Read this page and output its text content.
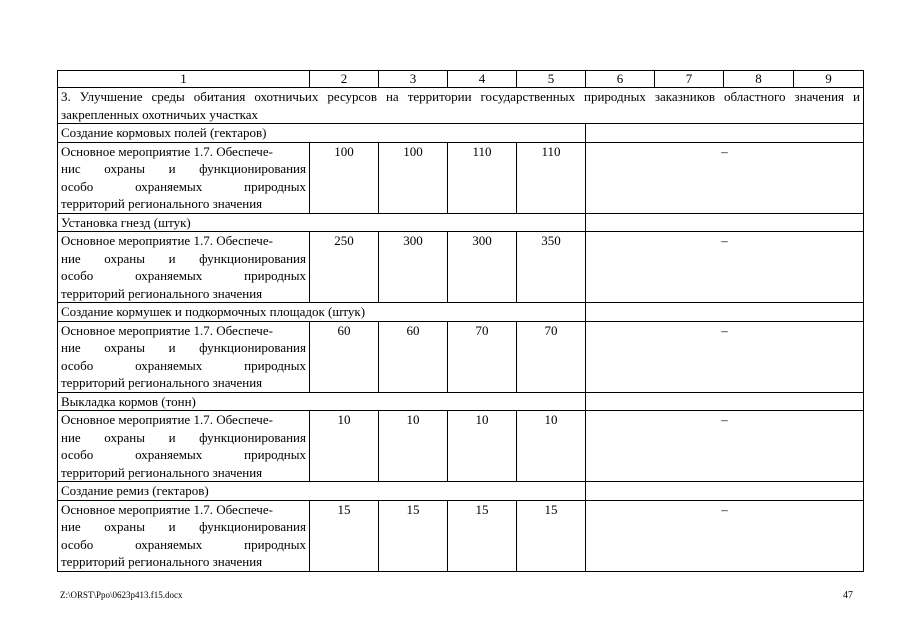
1	2	3	4	5	6	7	8	9
3. Улучшение среды обитания охотничьих ресурсов на территории государственных природных заказников областного значения и закрепленных охотничьих участках								
Создание кормовых полей (гектаров)								

Основное мероприятие 1.7. Обеспече-
нис охраны и функционирования
особо охраняемых природных
территорий регионального значения	100	100	110	110	–			
Установка гнезд (штук)								

Основное мероприятие 1.7. Обеспече-
ние охраны и функционирования
особо охраняемых природных
территорий регионального значения	250	300	300	350	–			
Создание кормушек и подкормочных площадок (штук)								

Основное мероприятие 1.7. Обеспече-
ние охраны и функционирования
особо охраняемых природных
территорий регионального значения	60	60	70	70	–			
Выкладка кормов (тонн)								

Основное мероприятие 1.7. Обеспече-
ние охраны и функционирования
особо охраняемых природных
территорий регионального значения	10	10	10	10	–			
Создание ремиз (гектаров)								

Основное мероприятие 1.7. Обеспече-
ние охраны и функционирования
особо охраняемых природных
территорий регионального значения	15	15	15	15	–			
Z:\ORST\Ppo\0623p413.f15.docx	47
